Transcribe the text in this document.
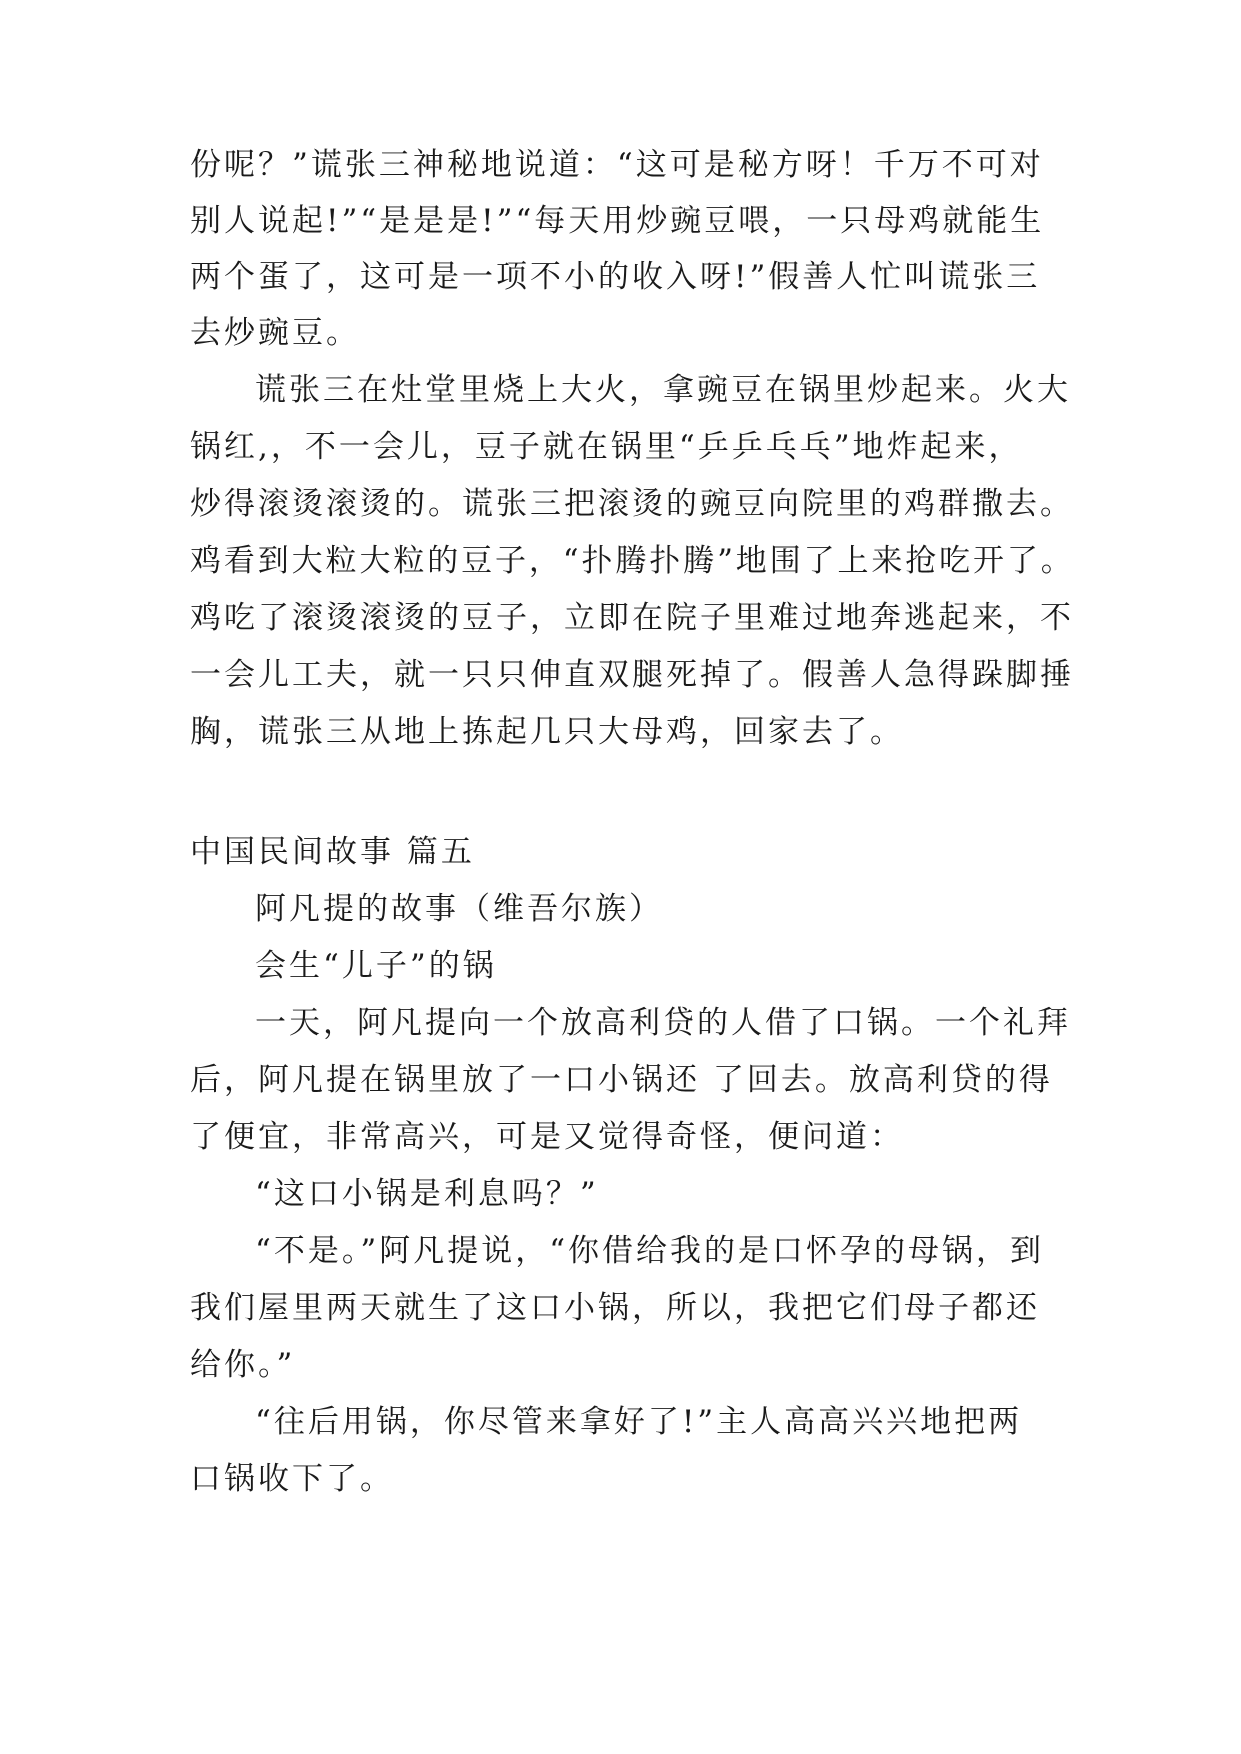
份呢？”谎张三神秘地说道：“这可是秘方呀！千万不可对
别人说起!”“是是是!”“每天用炒豌豆喂，一只母鸡就能生
两个蛋了，这可是一项不小的收入呀!”假善人忙叫谎张三
去炒豌豆。
谎张三在灶堂里烧上大火，拿豌豆在锅里炒起来。火大
锅红,，不一会儿，豆子就在锅里“乒乒乓乓”地炸起来，
炒得滚烫滚烫的。谎张三把滚烫的豌豆向院里的鸡群撒去。
鸡看到大粒大粒的豆子，“扑腾扑腾”地围了上来抢吃开了。
鸡吃了滚烫滚烫的豆子，立即在院子里难过地奔逃起来，不
一会儿工夫，就一只只伸直双腿死掉了。假善人急得跺脚捶
胸，谎张三从地上拣起几只大母鸡，回家去了。
中国民间故事 篇五
阿凡提的故事（维吾尔族）
会生“儿子”的锅
一天，阿凡提向一个放高利贷的人借了口锅。一个礼拜
后，阿凡提在锅里放了一口小锅还 了回去。放高利贷的得
了便宜，非常高兴，可是又觉得奇怪，便问道：
“这口小锅是利息吗？”
“不是。”阿凡提说，“你借给我的是口怀孕的母锅，到
我们屋里两天就生了这口小锅，所以，我把它们母子都还
给你。”
“往后用锅，你尽管来拿好了!”主人高高兴兴地把两
口锅收下了。
